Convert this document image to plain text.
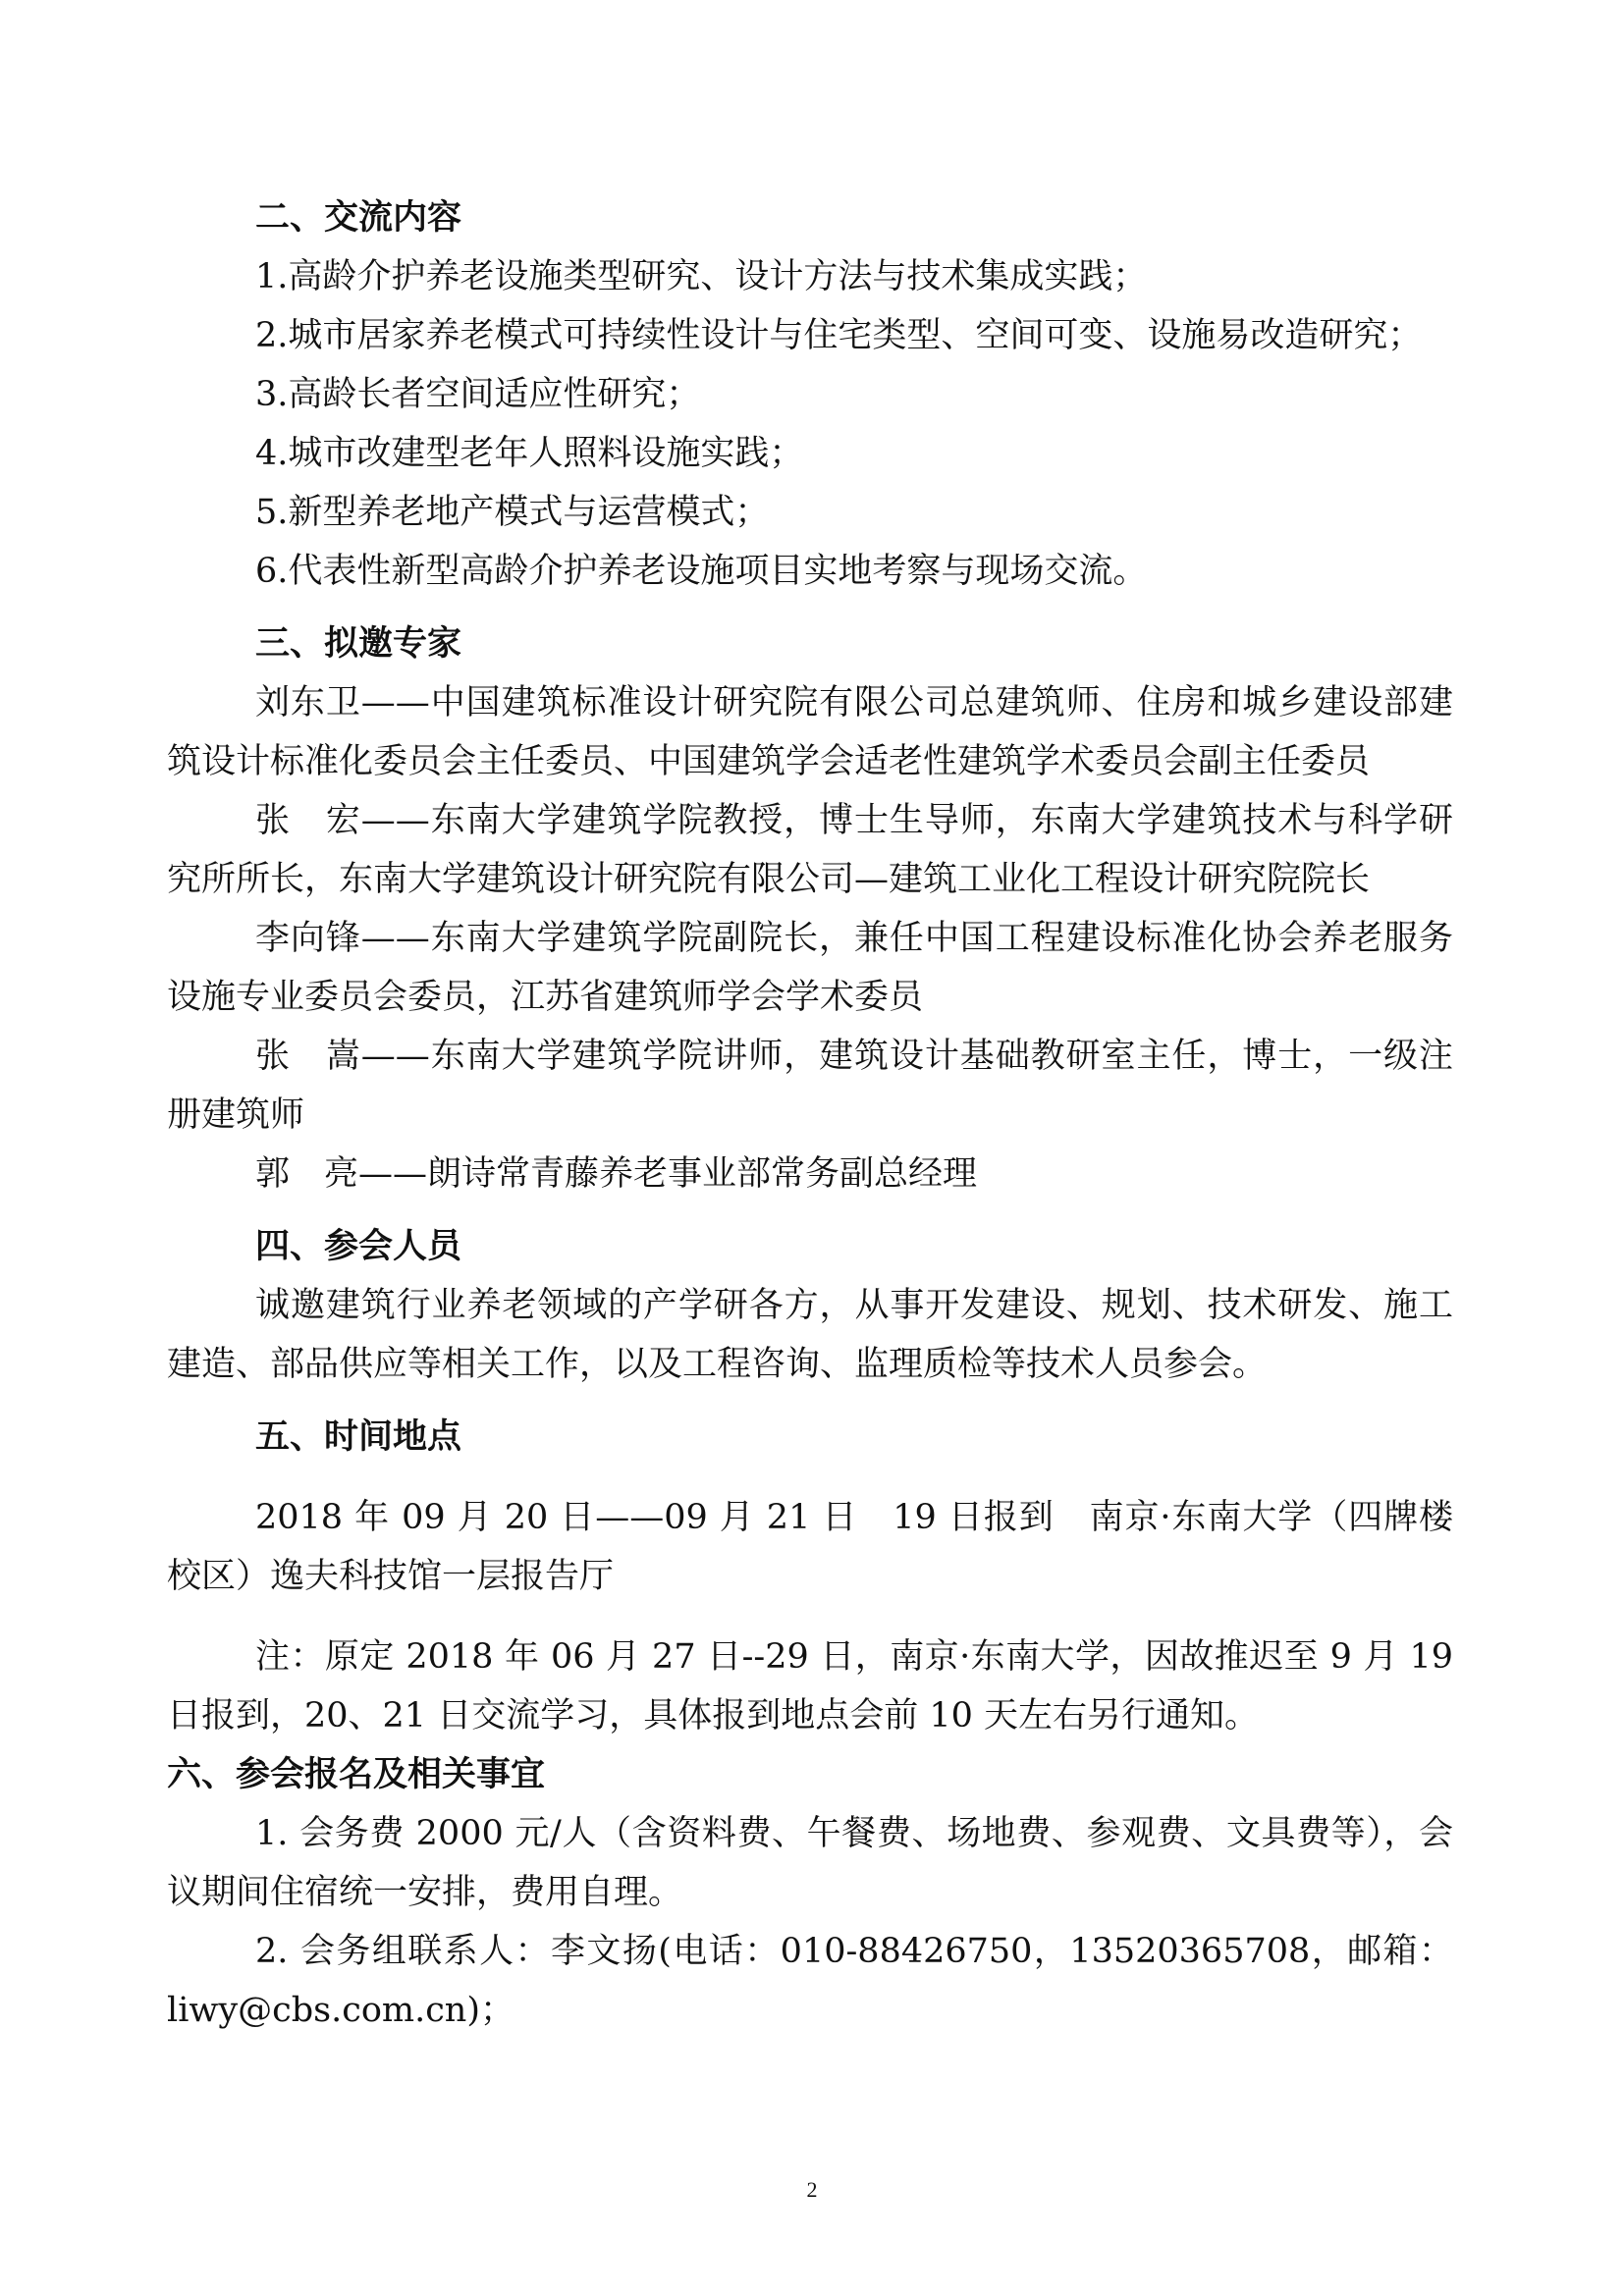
二、交流内容

1.高龄介护养老设施类型研究、设计方法与技术集成实践；

2.城市居家养老模式可持续性设计与住宅类型、空间可变、设施易改造研究；

3.高龄长者空间适应性研究；

4.城市改建型老年人照料设施实践；

5.新型养老地产模式与运营模式；

6.代表性新型高龄介护养老设施项目实地考察与现场交流。

三、拟邀专家

刘东卫——中国建筑标准设计研究院有限公司总建筑师、住房和城乡建设部建筑设计标准化委员会主任委员、中国建筑学会适老性建筑学术委员会副主任委员

张　宏——东南大学建筑学院教授，博士生导师，东南大学建筑技术与科学研究所所长，东南大学建筑设计研究院有限公司—建筑工业化工程设计研究院院长

李向锋——东南大学建筑学院副院长，兼任中国工程建设标准化协会养老服务设施专业委员会委员，江苏省建筑师学会学术委员

张　嵩——东南大学建筑学院讲师，建筑设计基础教研室主任，博士，一级注册建筑师

郭　亮——朗诗常青藤养老事业部常务副总经理

四、参会人员

诚邀建筑行业养老领域的产学研各方，从事开发建设、规划、技术研发、施工建造、部品供应等相关工作，以及工程咨询、监理质检等技术人员参会。

五、时间地点

2018 年 09 月 20 日——09 月 21 日　19 日报到　南京·东南大学（四牌楼校区）逸夫科技馆一层报告厅

注：原定 2018 年 06 月 27 日--29 日，南京·东南大学，因故推迟至 9 月 19 日报到，20、21 日交流学习，具体报到地点会前 10 天左右另行通知。

六、参会报名及相关事宜

1. 会务费 2000 元/人（含资料费、午餐费、场地费、参观费、文具费等），会议期间住宿统一安排，费用自理。

2. 会务组联系人：李文扬(电话：010-88426750，13520365708，邮箱：liwy@cbs.com.cn)；

2
